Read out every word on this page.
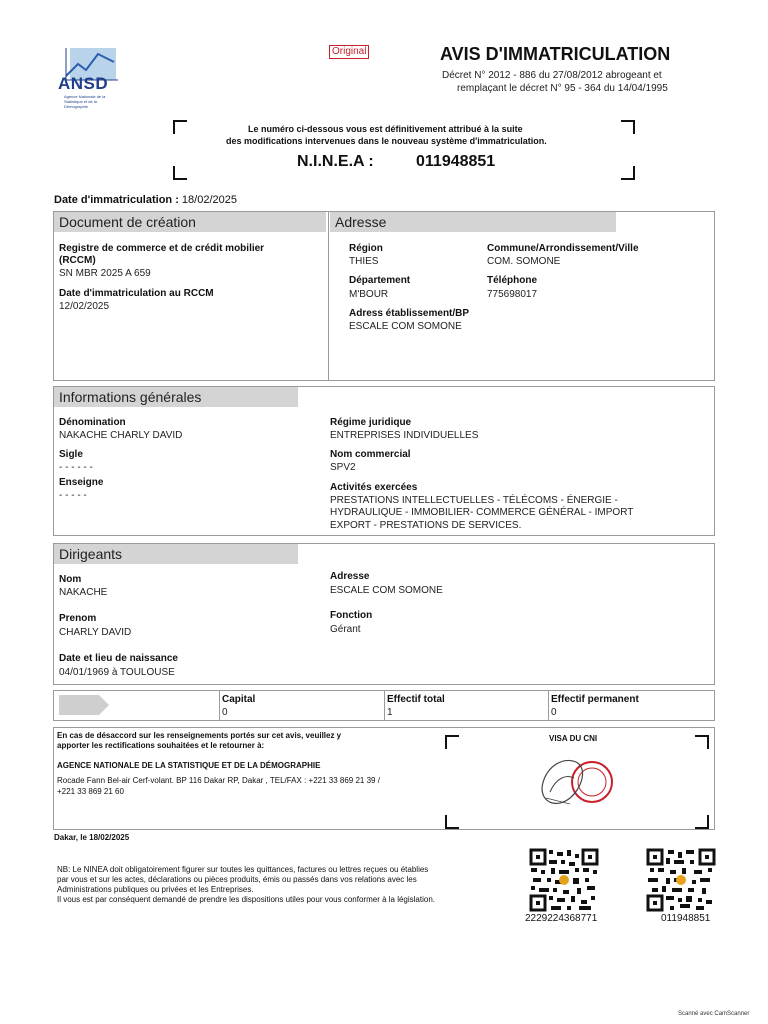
ANSD
Agence Nationale de la Statistique et de la Démographie
Original	AVIS D'IMMATRICULATION
Décret N° 2012 - 886 du 27/08/2012 abrogeant et
remplaçant le décret N° 95 - 364 du 14/04/1995
Le numéro ci-dessous vous est définitivement attribué à la suite
des modifications intervenues dans le nouveau système d'immatriculation.
N.I.N.E.A :	011948851
Date d'immatriculation : 18/02/2025
Document de création	Adresse
Registre de commerce et de crédit mobilier
(RCCM)
SN MBR 2025 A 659
Date d'immatriculation au RCCM
12/02/2025
Région
THIES
Commune/Arrondissement/Ville
COM. SOMONE
Département
M'BOUR
Téléphone
775698017
Adress établissement/BP
ESCALE COM SOMONE
Informations générales
Dénomination
NAKACHE CHARLY DAVID
Sigle
- - - - - -
Enseigne
- - - - -
Régime juridique
ENTREPRISES INDIVIDUELLES
Nom commercial
SPV2
Activités exercées
PRESTATIONS INTELLECTUELLES - TÉLÉCOMS - ÉNERGIE -
HYDRAULIQUE - IMMOBILIER- COMMERCE GÉNÉRAL - IMPORT
EXPORT - PRESTATIONS DE SERVICES.
Dirigeants
Nom
NAKACHE
Prenom
CHARLY DAVID
Date et lieu de naissance
04/01/1969 à TOULOUSE
Adresse
ESCALE COM SOMONE
Fonction
Gérant
Capital
0
Effectif total
1
Effectif permanent
0
En cas de désaccord sur les renseignements portés sur cet avis, veuillez y
apporter les rectifications souhaitées et le retourner à:
AGENCE NATIONALE DE LA STATISTIQUE ET DE LA DÉMOGRAPHIE
Rocade Fann Bel-air Cerf-volant. BP 116 Dakar RP, Dakar , TEL/FAX : +221 33 869 21 39 /
+221 33 869 21 60
VISA DU CNI
Dakar, le 18/02/2025
NB: Le NINEA doit obligatoirement figurer sur toutes les quittances, factures ou lettres reçues ou établies
par vous et sur les actes, déclarations ou pièces produits, émis ou passés dans vos relations avec les
Administrations publiques ou privées et les Entreprises.
Il vous est par conséquent demandé de prendre les dispositions utiles pour vous conformer à la législation.
2229224368771	011948851
Scanné avec CamScanner
